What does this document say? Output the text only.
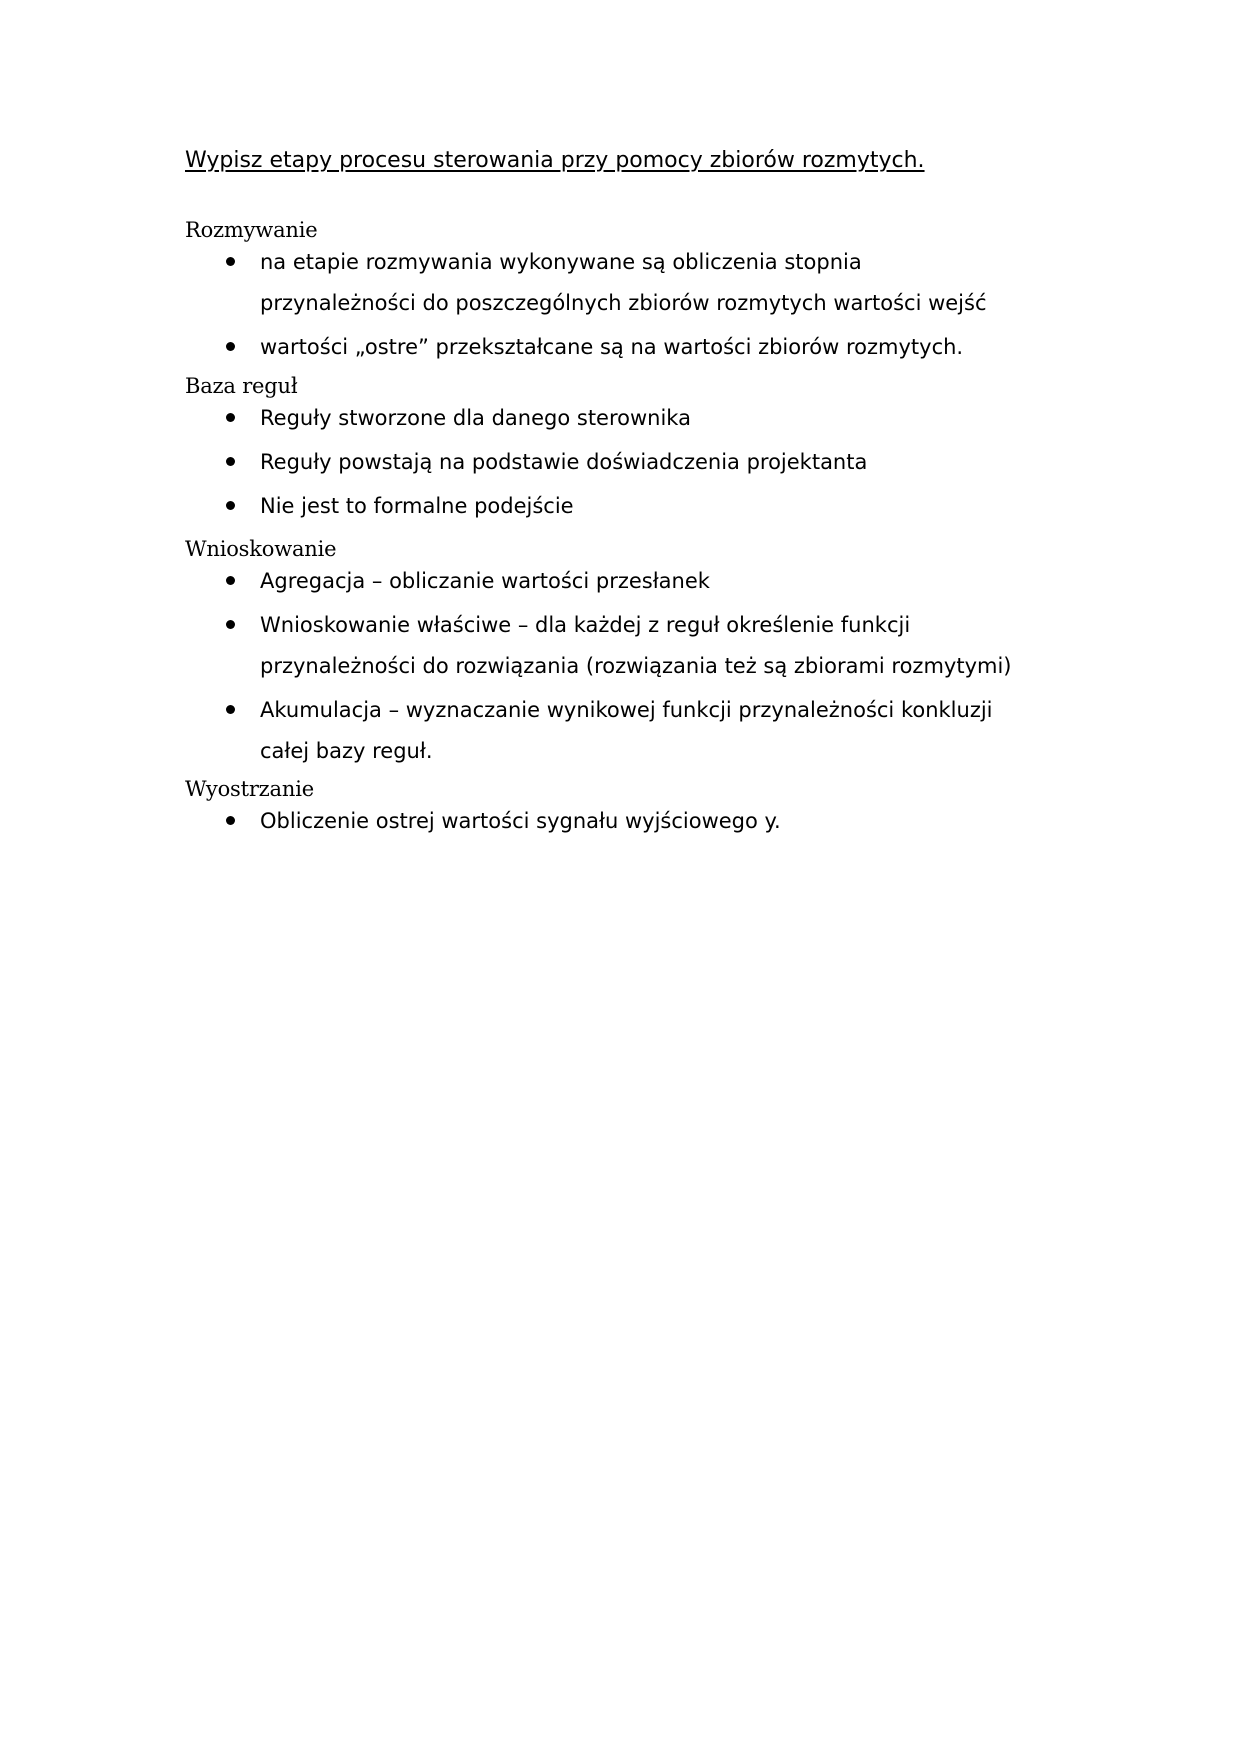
Wypisz etapy procesu sterowania przy pomocy zbiorów rozmytych.
Rozmywanie
na etapie rozmywania wykonywane są obliczenia stopnia
przynależności do poszczególnych zbiorów rozmytych wartości wejść
wartości „ostre” przekształcane są na wartości zbiorów rozmytych.
Baza reguł
Reguły stworzone dla danego sterownika
Reguły powstają na podstawie doświadczenia projektanta
Nie jest to formalne podejście
Wnioskowanie
Agregacja – obliczanie wartości przesłanek
Wnioskowanie właściwe – dla każdej z reguł określenie funkcji
przynależności do rozwiązania (rozwiązania też są zbiorami rozmytymi)
Akumulacja – wyznaczanie wynikowej funkcji przynależności konkluzji
całej bazy reguł.
Wyostrzanie
Obliczenie ostrej wartości sygnału wyjściowego y.
